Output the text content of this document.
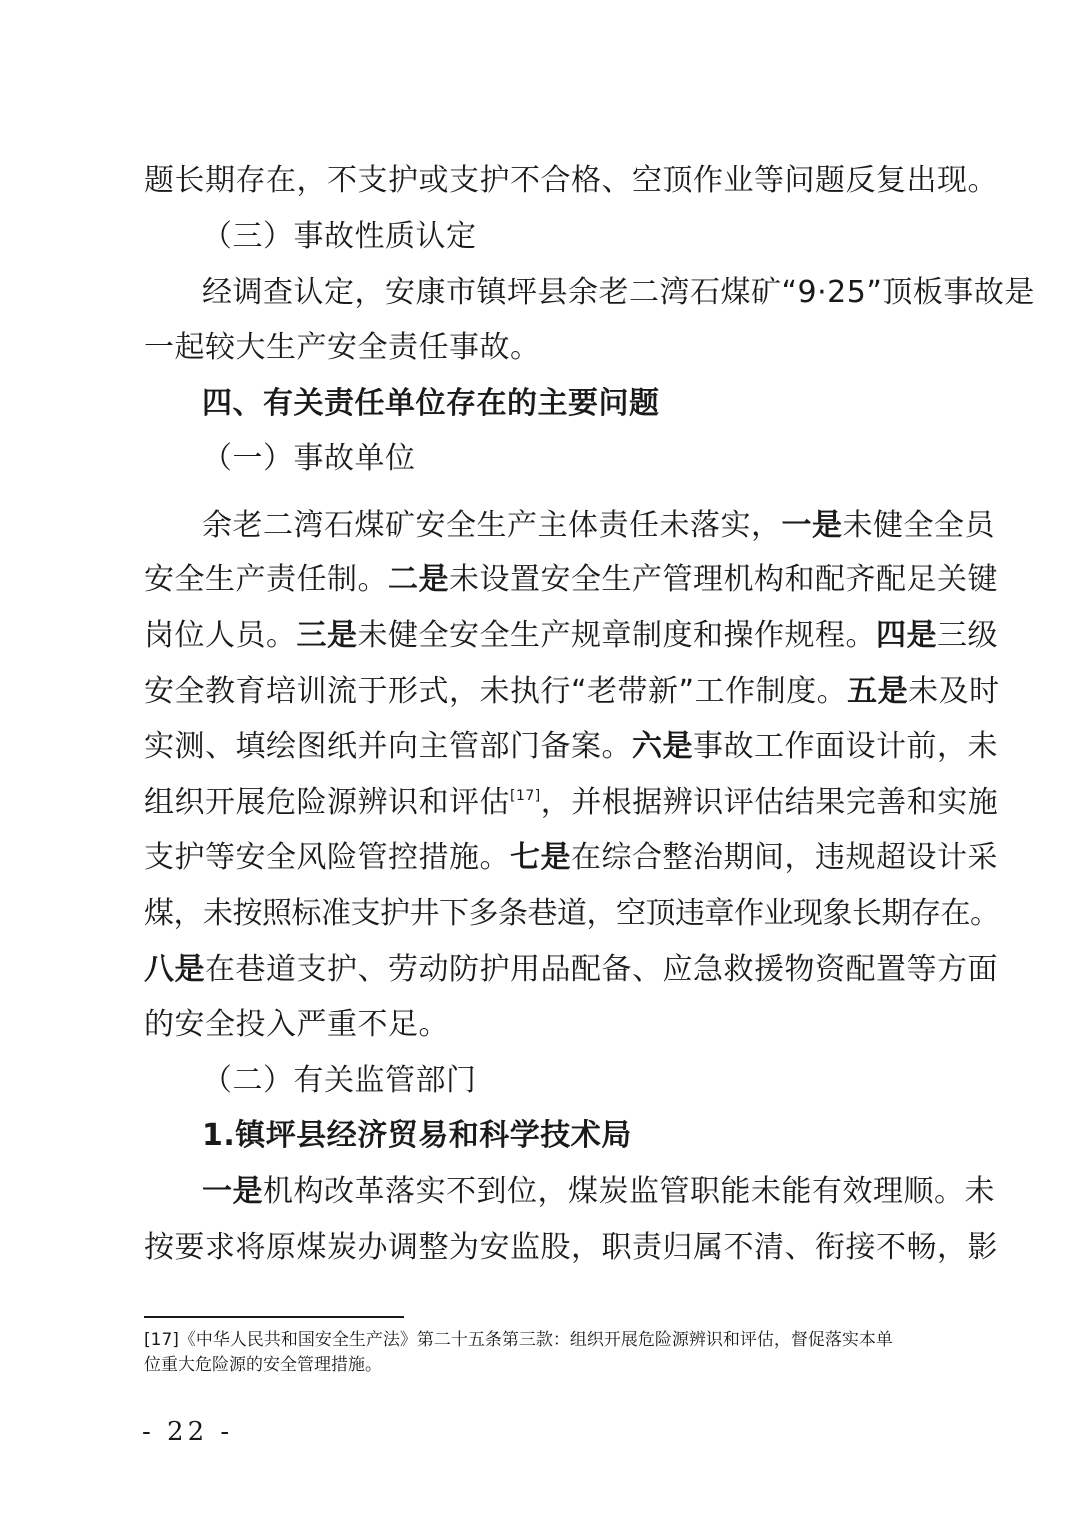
题长期存在，不支护或支护不合格、空顶作业等问题反复出现。
（三）事故性质认定
经调查认定，安康市镇坪县余老二湾石煤矿“9·25”顶板事故是
一起较大生产安全责任事故。
四、有关责任单位存在的主要问题
（一）事故单位
余老二湾石煤矿安全生产主体责任未落实，一是未健全全员
安全生产责任制。二是未设置安全生产管理机构和配齐配足关键
岗位人员。三是未健全安全生产规章制度和操作规程。四是三级
安全教育培训流于形式，未执行“老带新”工作制度。五是未及时
实测、填绘图纸并向主管部门备案。六是事故工作面设计前，未
组织开展危险源辨识和评估[17]，并根据辨识评估结果完善和实施
支护等安全风险管控措施。七是在综合整治期间，违规超设计采
煤，未按照标准支护井下多条巷道，空顶违章作业现象长期存在。
八是在巷道支护、劳动防护用品配备、应急救援物资配置等方面
的安全投入严重不足。
（二）有关监管部门
1.镇坪县经济贸易和科学技术局
一是机构改革落实不到位，煤炭监管职能未能有效理顺。未
按要求将原煤炭办调整为安监股，职责归属不清、衔接不畅，影
[17]《中华人民共和国安全生产法》第二十五条第三款：组织开展危险源辨识和评估，督促落实本单
位重大危险源的安全管理措施。
- 22 -
